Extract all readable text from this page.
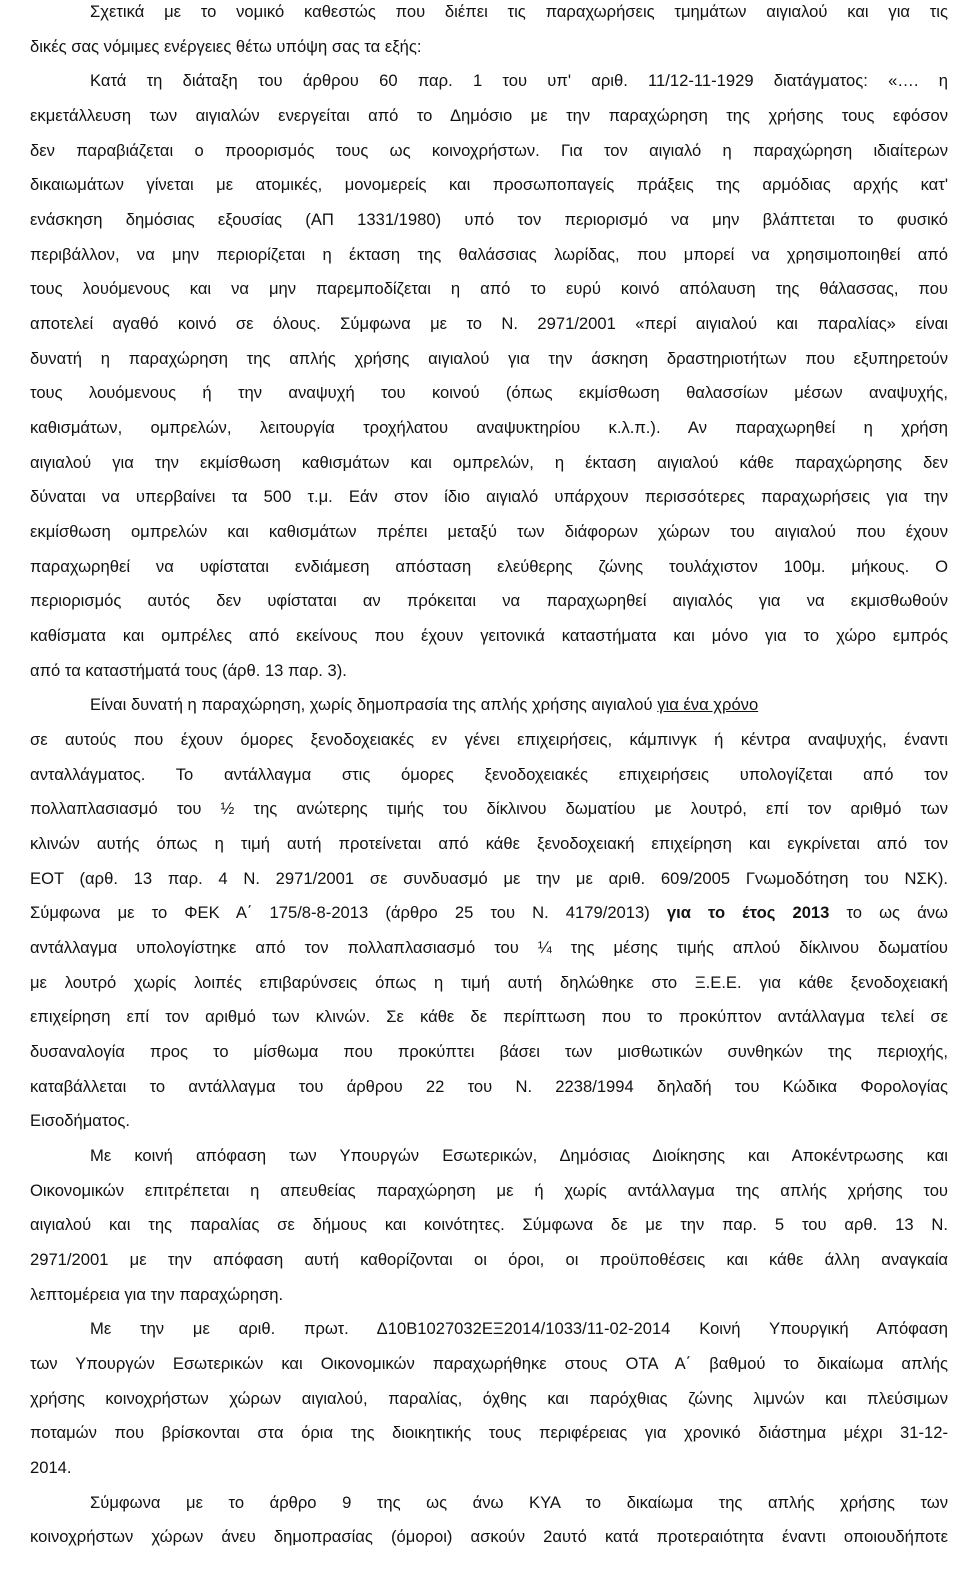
Σχετικά με το νομικό καθεστώς που διέπει τις παραχωρήσεις τμημάτων αιγιαλού και για τις
δικές σας νόμιμες ενέργειες θέτω υπόψη σας τα εξής:
Κατά τη διάταξη του άρθρου 60 παρ. 1 του υπ' αριθ. 11/12-11-1929 διατάγματος: «…. η
εκμετάλλευση των αιγιαλών ενεργείται από το Δημόσιο με την παραχώρηση της χρήσης τους εφόσον
δεν παραβιάζεται ο προορισμός τους ως κοινοχρήστων. Για τον αιγιαλό η παραχώρηση ιδιαίτερων
δικαιωμάτων γίνεται με ατομικές, μονομερείς και προσωποπαγείς πράξεις της αρμόδιας αρχής κατ'
ενάσκηση δημόσιας εξουσίας (ΑΠ 1331/1980) υπό τον περιορισμό να μην βλάπτεται το φυσικό
περιβάλλον, να μην περιορίζεται η έκταση της θαλάσσιας λωρίδας, που μπορεί να χρησιμοποιηθεί από
τους λουόμενους και να μην παρεμποδίζεται η από το ευρύ κοινό απόλαυση της θάλασσας, που
αποτελεί αγαθό κοινό σε όλους. Σύμφωνα με το Ν. 2971/2001 «περί αιγιαλού και παραλίας» είναι
δυνατή η παραχώρηση της απλής χρήσης αιγιαλού για την άσκηση δραστηριοτήτων που εξυπηρετούν
τους λουόμενους ή την αναψυχή του κοινού (όπως εκμίσθωση θαλασσίων μέσων αναψυχής,
καθισμάτων, ομπρελών, λειτουργία τροχήλατου αναψυκτηρίου κ.λ.π.). Αν παραχωρηθεί η χρήση
αιγιαλού για την εκμίσθωση καθισμάτων και ομπρελών, η έκταση αιγιαλού κάθε παραχώρησης δεν
δύναται να υπερβαίνει τα 500 τ.μ. Εάν στον ίδιο αιγιαλό υπάρχουν περισσότερες παραχωρήσεις για την
εκμίσθωση ομπρελών και καθισμάτων πρέπει μεταξύ των διάφορων χώρων του αιγιαλού που έχουν
παραχωρηθεί να υφίσταται ενδιάμεση απόσταση ελεύθερης ζώνης τουλάχιστον 100μ. μήκους. Ο
περιορισμός αυτός δεν υφίσταται αν πρόκειται να παραχωρηθεί αιγιαλός για να εκμισθωθούν
καθίσματα και ομπρέλες από εκείνους που έχουν γειτονικά καταστήματα και μόνο για το χώρο εμπρός
από τα καταστήματά τους (άρθ. 13 παρ. 3).
Είναι δυνατή η παραχώρηση, χωρίς δημοπρασία της απλής χρήσης αιγιαλού για ένα χρόνο
σε αυτούς που έχουν όμορες ξενοδοχειακές εν γένει επιχειρήσεις, κάμπινγκ ή κέντρα αναψυχής, έναντι
ανταλλάγματος. Το αντάλλαγμα στις όμορες ξενοδοχειακές επιχειρήσεις υπολογίζεται από τον
πολλαπλασιασμό του ½ της ανώτερης τιμής του δίκλινου δωματίου με λουτρό, επί τον αριθμό των
κλινών αυτής όπως η τιμή αυτή προτείνεται από κάθε ξενοδοχειακή επιχείρηση και εγκρίνεται από τον
ΕΟΤ (αρθ. 13 παρ. 4 Ν. 2971/2001 σε συνδυασμό με την με αριθ. 609/2005 Γνωμοδότηση του ΝΣΚ).
Σύμφωνα με το ΦΕΚ Α΄ 175/8-8-2013 (άρθρο 25 του Ν. 4179/2013) για το έτος 2013 το ως άνω
αντάλλαγμα υπολογίστηκε από τον πολλαπλασιασμό του ¼ της μέσης τιμής απλού δίκλινου δωματίου
με λουτρό χωρίς λοιπές επιβαρύνσεις όπως η τιμή αυτή δηλώθηκε στο Ξ.Ε.Ε. για κάθε ξενοδοχειακή
επιχείρηση επί τον αριθμό των κλινών. Σε κάθε δε περίπτωση που το προκύπτον αντάλλαγμα τελεί σε
δυσαναλογία προς το μίσθωμα που προκύπτει βάσει των μισθωτικών συνθηκών της περιοχής,
καταβάλλεται το αντάλλαγμα του άρθρου 22 του Ν. 2238/1994 δηλαδή του Κώδικα Φορολογίας
Εισοδήματος.
Με κοινή απόφαση των Υπουργών Εσωτερικών, Δημόσιας Διοίκησης και Αποκέντρωσης και
Οικονομικών επιτρέπεται η απευθείας παραχώρηση με ή χωρίς αντάλλαγμα της απλής χρήσης του
αιγιαλού και της παραλίας σε δήμους και κοινότητες. Σύμφωνα δε με την παρ. 5 του αρθ. 13 Ν.
2971/2001 με την απόφαση αυτή καθορίζονται οι όροι, οι προϋποθέσεις και κάθε άλλη αναγκαία
λεπτομέρεια για την παραχώρηση.
Με την με αριθ. πρωτ. Δ10Β1027032ΕΞ2014/1033/11-02-2014 Κοινή Υπουργική Απόφαση
των Υπουργών Εσωτερικών και Οικονομικών παραχωρήθηκε στους ΟΤΑ Α΄ βαθμού το δικαίωμα απλής
χρήσης κοινοχρήστων χώρων αιγιαλού, παραλίας, όχθης και παρόχθιας ζώνης λιμνών και πλεύσιμων
ποταμών που βρίσκονται στα όρια της διοικητικής τους περιφέρειας για χρονικό διάστημα μέχρι 31-12-
2014.
Σύμφωνα με το άρθρο 9 της ως άνω ΚΥΑ το δικαίωμα της απλής χρήσης των
κοινοχρήστων χώρων άνευ δημοπρασίας (όμοροι) ασκούν 2αυτό κατά προτεραιότητα έναντι οποιουδήποτε
